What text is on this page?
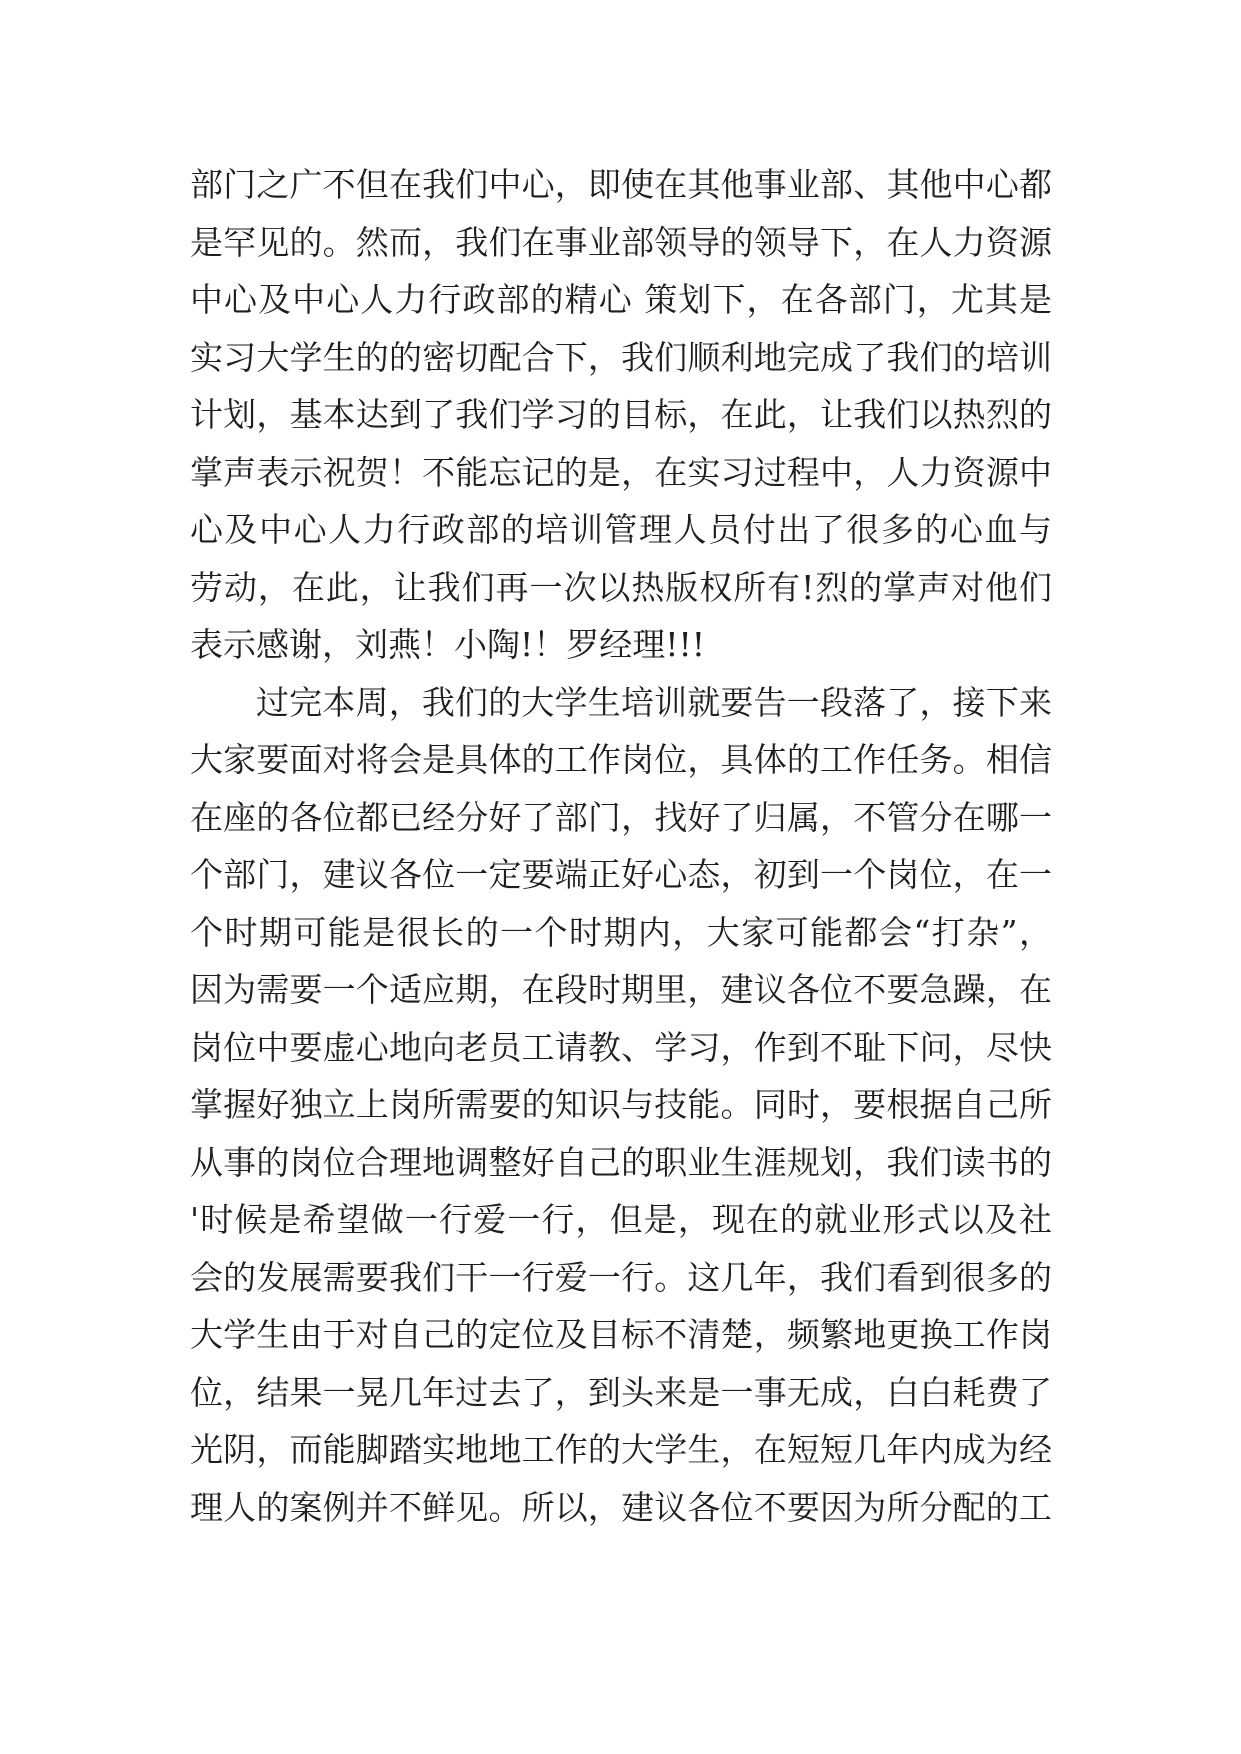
部门之广不但在我们中心，即使在其他事业部、其他中心都
是罕见的。然而，我们在事业部领导的领导下，在人力资源
中心及中心人力行政部的精心 策划下，在各部门，尤其是
实习大学生的的密切配合下，我们顺利地完成了我们的培训
计划，基本达到了我们学习的目标，在此，让我们以热烈的
掌声表示祝贺！不能忘记的是，在实习过程中，人力资源中
心及中心人力行政部的培训管理人员付出了很多的心血与
劳动，在此，让我们再一次以热版权所有!烈的掌声对他们
表示感谢，刘燕！小陶!！罗经理!!!
过完本周，我们的大学生培训就要告一段落了，接下来
大家要面对将会是具体的工作岗位，具体的工作任务。相信
在座的各位都已经分好了部门，找好了归属，不管分在哪一
个部门，建议各位一定要端正好心态，初到一个岗位，在一
个时期可能是很长的一个时期内，大家可能都会“打杂”，
因为需要一个适应期，在段时期里，建议各位不要急躁，在
岗位中要虚心地向老员工请教、学习，作到不耻下问，尽快
掌握好独立上岗所需要的知识与技能。同时，要根据自己所
从事的岗位合理地调整好自己的职业生涯规划，我们读书的
'时候是希望做一行爱一行，但是，现在的就业形式以及社
会的发展需要我们干一行爱一行。这几年，我们看到很多的
大学生由于对自己的定位及目标不清楚，频繁地更换工作岗
位，结果一晃几年过去了，到头来是一事无成，白白耗费了
光阴，而能脚踏实地地工作的大学生，在短短几年内成为经
理人的案例并不鲜见。所以，建议各位不要因为所分配的工
